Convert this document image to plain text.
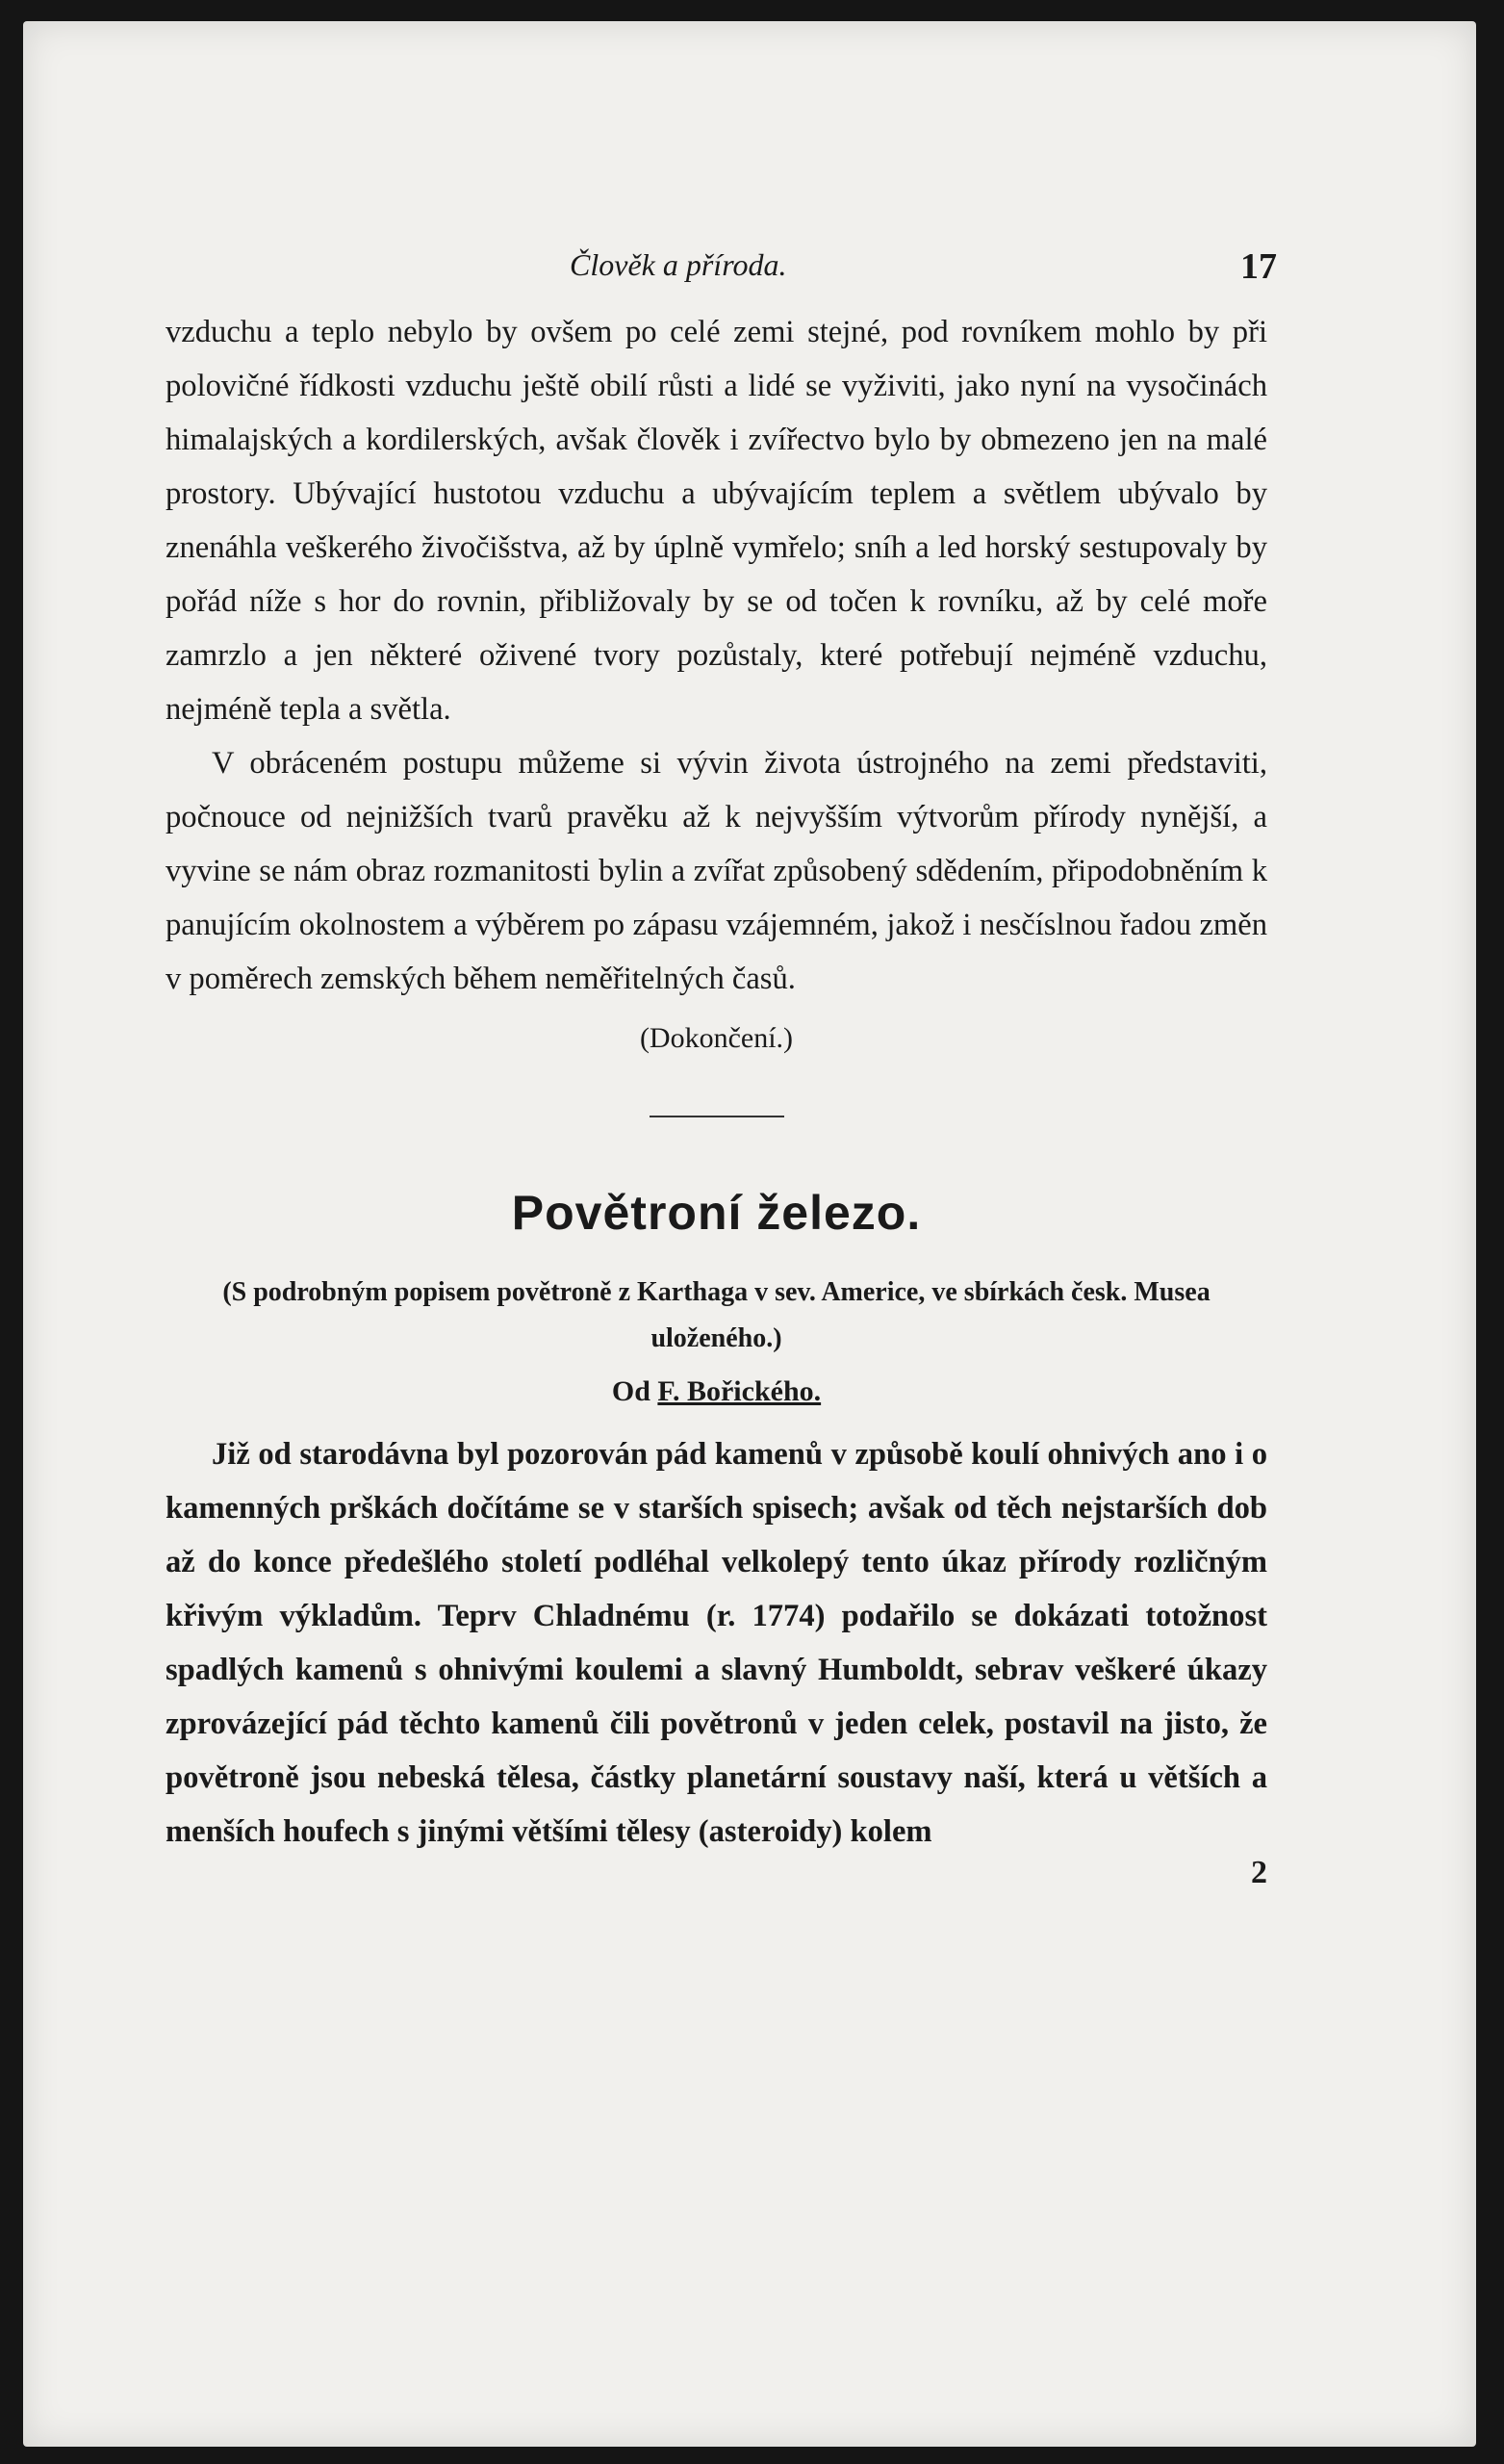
Člověk a příroda.	17

vzduchu a teplo nebylo by ovšem po celé zemi stejné, pod rovníkem mohlo by při polovičné řídkosti vzduchu ještě obilí růsti a lidé se vyživiti, jako nyní na vysočinách himalajských a kordilerských, avšak člověk i zvířectvo bylo by obmezeno jen na malé prostory. Ubývající hustotou vzduchu a ubývajícím teplem a světlem ubývalo by znenáhla veškerého živočišstva, až by úplně vymřelo; sníh a led horský sestupovaly by pořád níže s hor do rovnin, přibližovaly by se od točen k rovníku, až by celé moře zamrzlo a jen některé oživené tvory pozůstaly, které potřebují nejméně vzduchu, nejméně tepla a světla.

V obráceném postupu můžeme si vývin života ústrojného na zemi představiti, počnouce od nejnižších tvarů pravěku až k nejvyšším výtvorům přírody nynější, a vyvine se nám obraz rozmanitosti bylin a zvířat způsobený sdědením, připodobněním k panujícím okolnostem a výběrem po zápasu vzájemném, jakož i nesčíslnou řadou změn v poměrech zemských během neměřitelných časů.

(Dokončení.)

Povětroní železo.

(S podrobným popisem povětroně z Karthaga v sev. Americe, ve sbírkách česk. Musea uloženého.)

Od F. Bořického.

Již od starodávna byl pozorován pád kamenů v způsobě koulí ohnivých ano i o kamenných prškách dočítáme se v starších spisech; avšak od těch nejstarších dob až do konce předešlého století podléhal velkolepý tento úkaz přírody rozličným křivým výkladům. Teprv Chladnému (r. 1774) podařilo se dokázati totožnost spadlých kamenů s ohnivými koulemi a slavný Humboldt, sebrav veškeré úkazy zprovázející pád těchto kamenů čili povětronů v jeden celek, postavil na jisto, že povětroně jsou nebeská tělesa, částky planetární soustavy naší, která u větších a menších houfech s jinými většími tělesy (asteroidy) kolem

2
